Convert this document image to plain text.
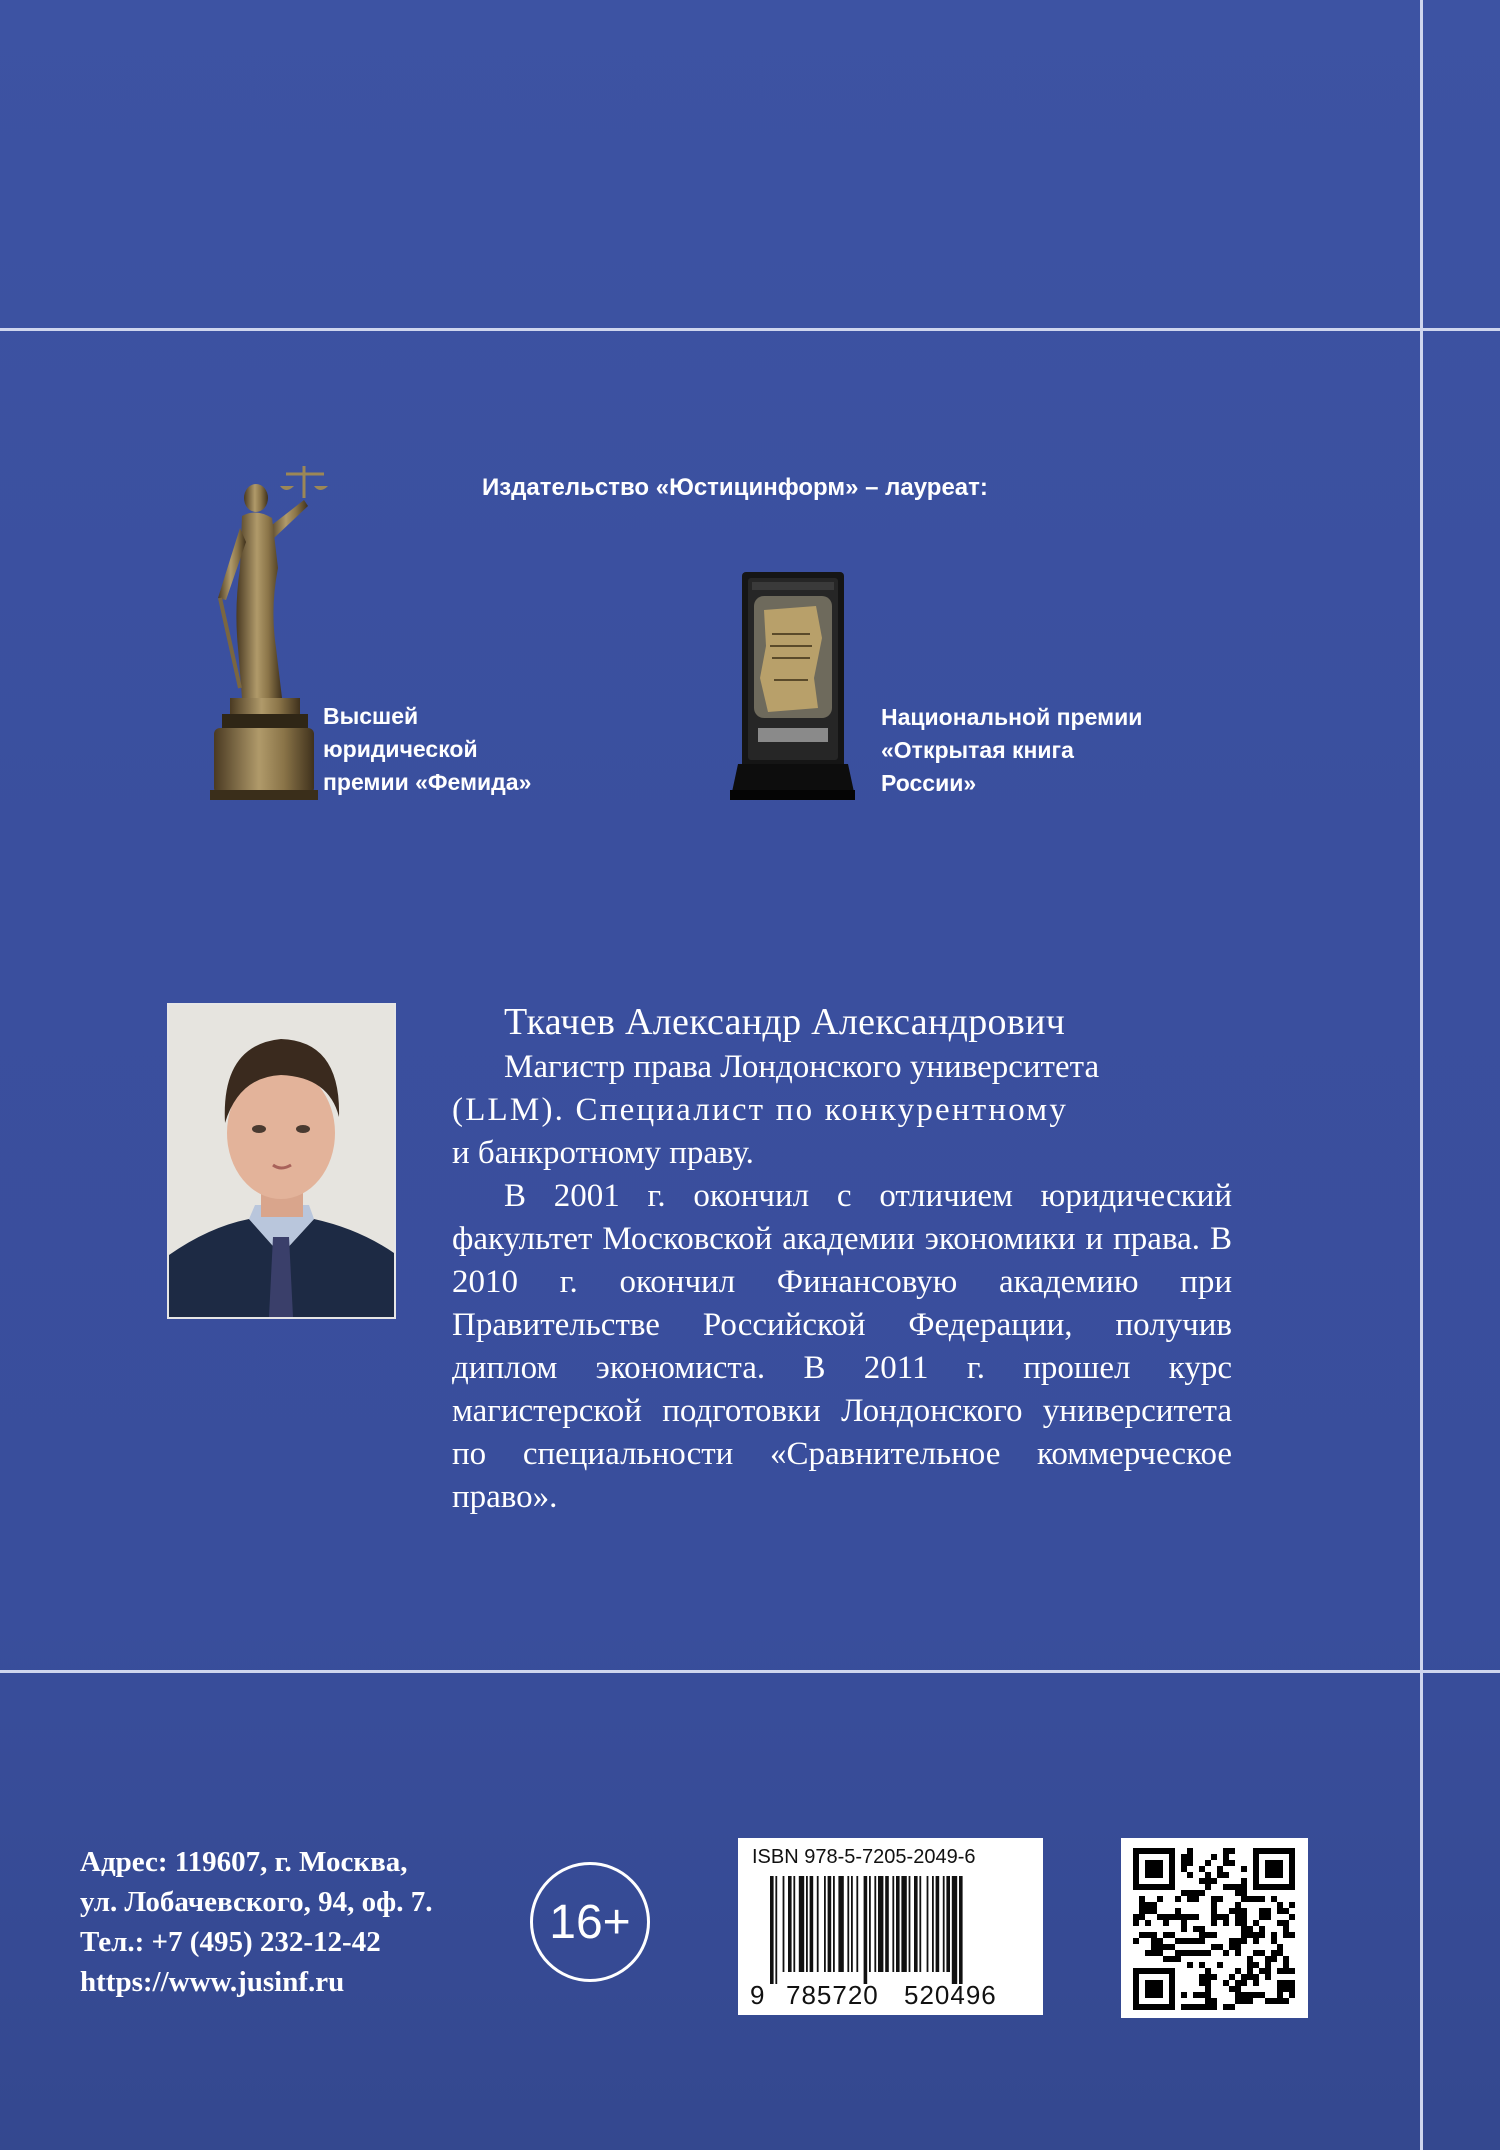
Издательство «Юстицинформ» – лауреат:
Высшей
юридической
премии «Фемида»
Национальной премии
«Открытая книга
России»
Ткачев Александр Александрович

Магистр права Лондонского университета

(LLM). Специалист по конкурентному

и банкротному праву.

В 2001 г. окончил с отличием юридический факультет Московской академии экономики и права. В 2010 г. окончил Финансовую академию при Правительстве Российской Федерации, получив диплом экономиста. В 2011 г. прошел курс магистерской подготовки Лондонского университета по специальности «Сравнительное коммерческое право».

Адрес: 119607, г. Москва,
ул. Лобачевского, 94, оф. 7.
Тел.: +7 (495) 232-12-42
https://www.jusinf.ru
16+
ISBN 978-5-7205-2049-6
9 785720 520496
